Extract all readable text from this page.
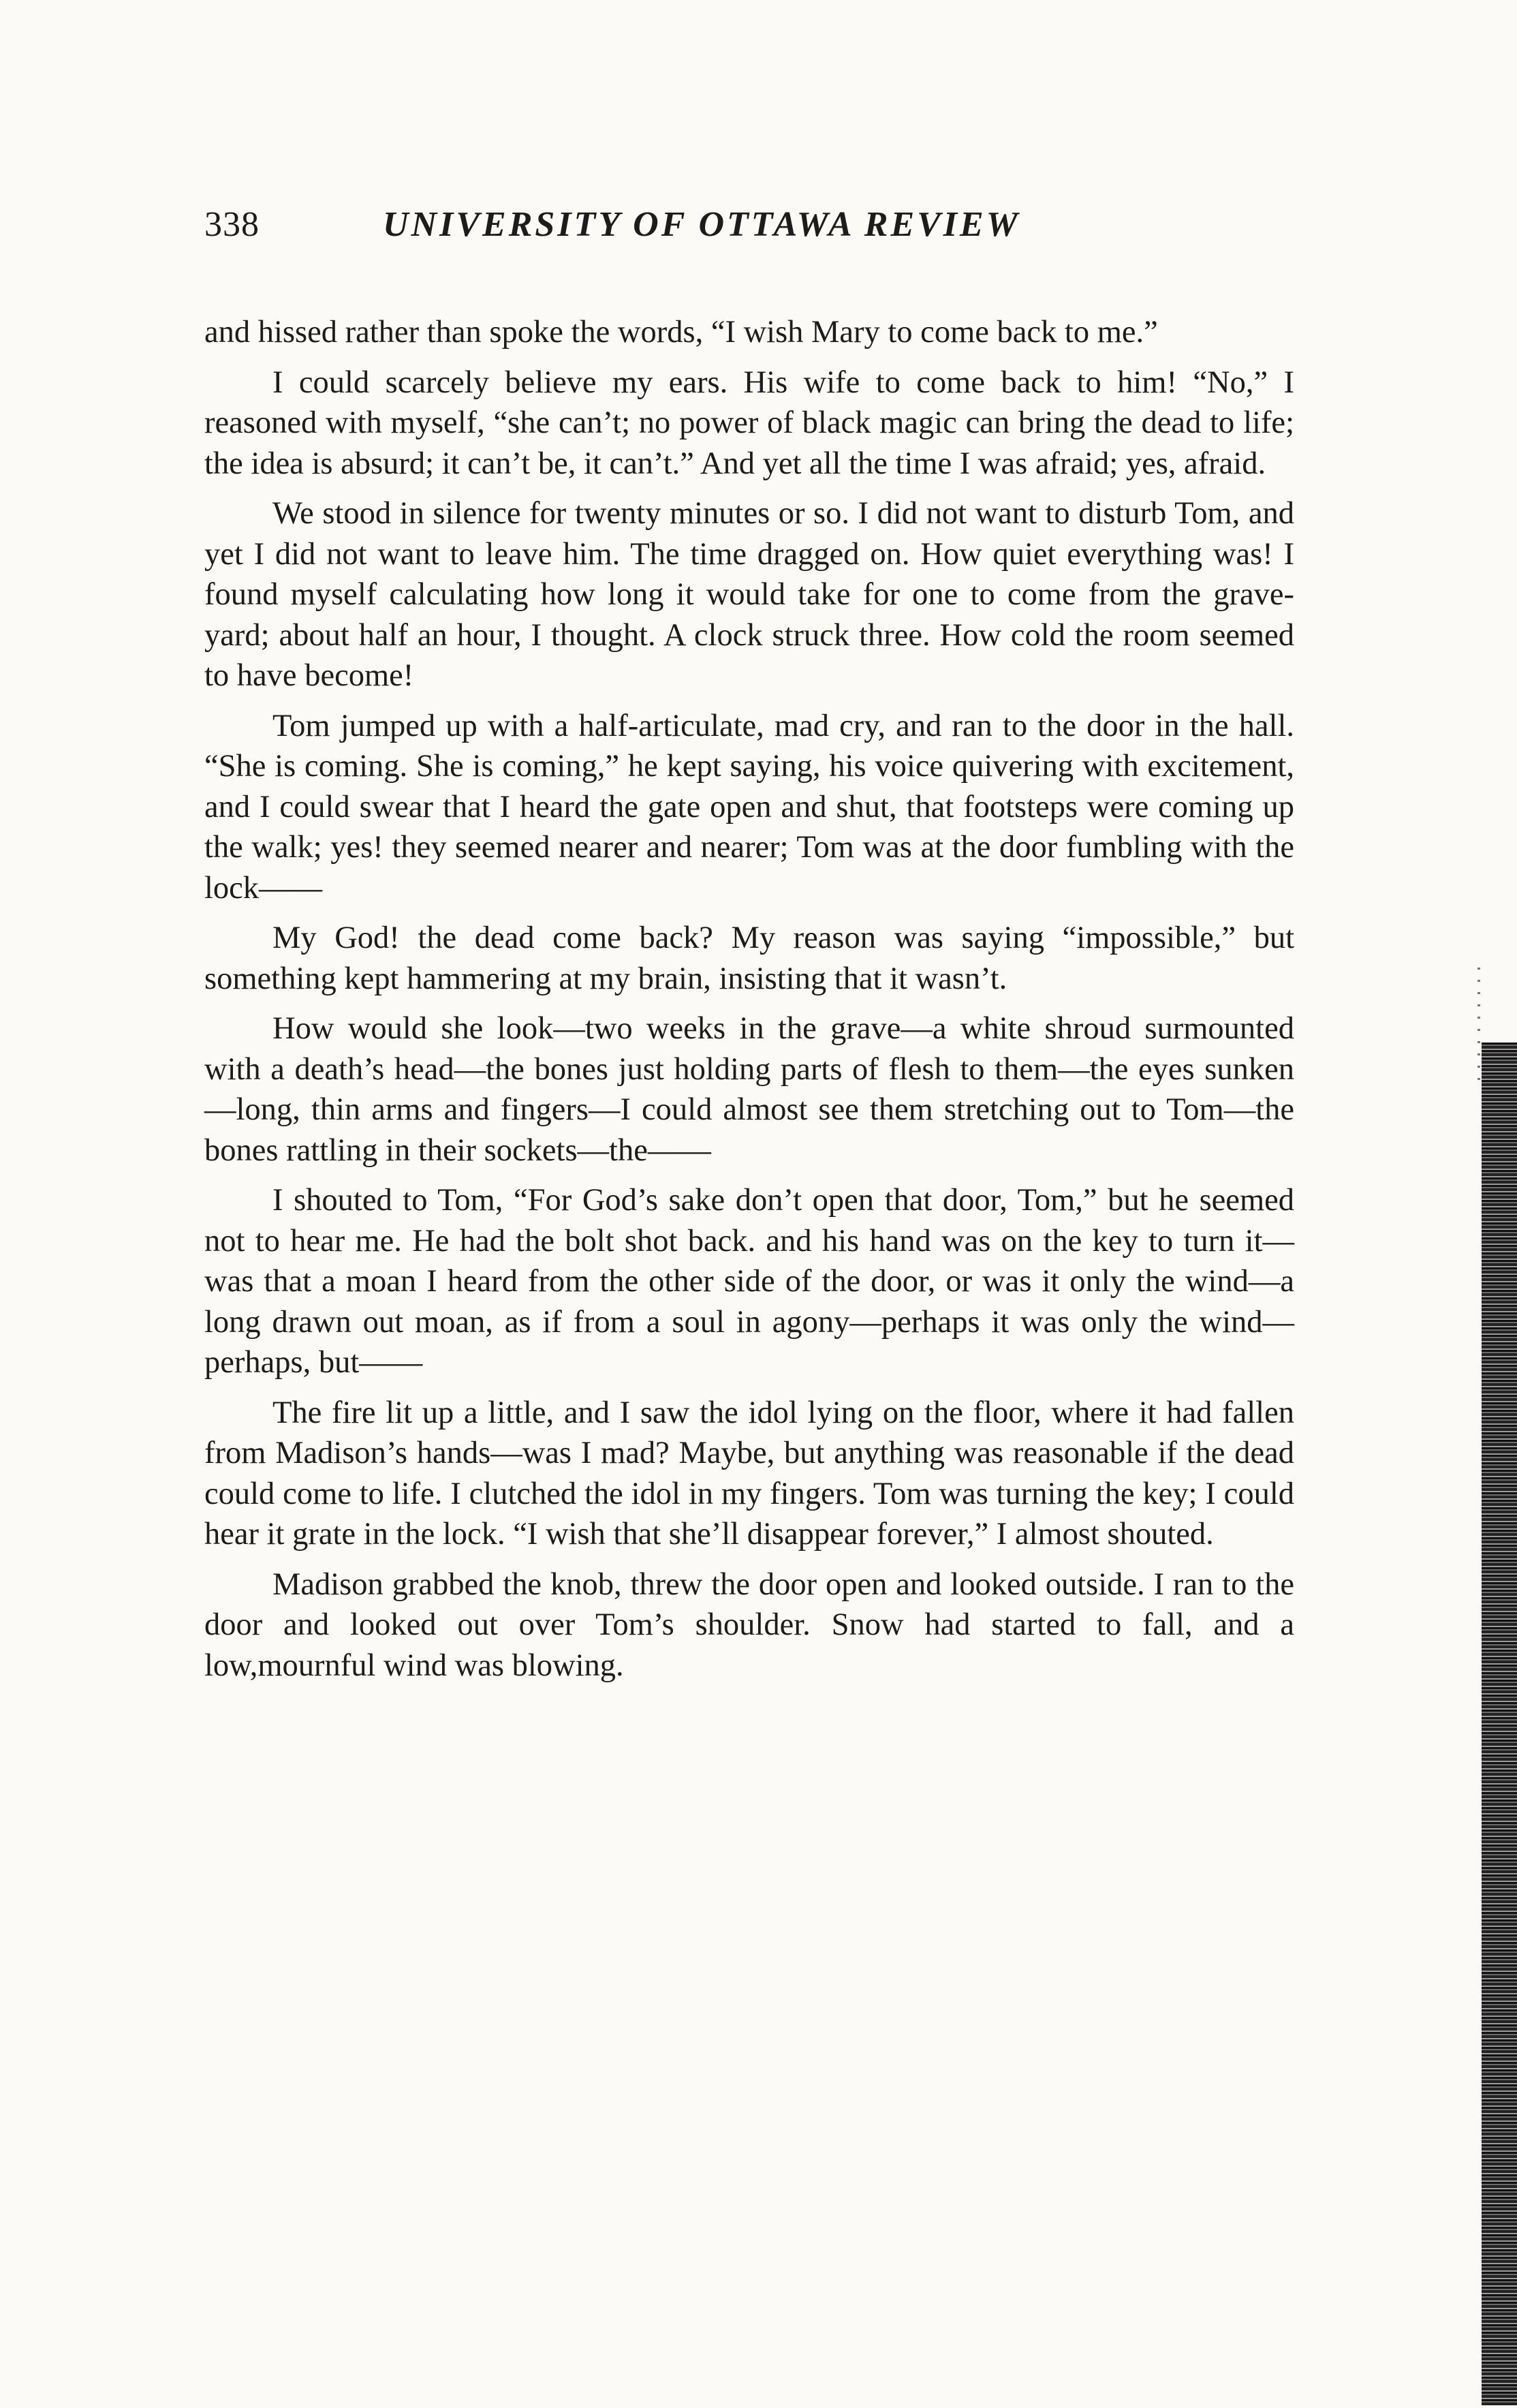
338	UNIVERSITY OF OTTAWA REVIEW

and hissed rather than spoke the words, “I wish Mary to come back to me.”

I could scarcely believe my ears. His wife to come back to him! “No,” I reasoned with myself, “she can’t; no power of black magic can bring the dead to life; the idea is absurd; it can’t be, it can’t.” And yet all the time I was afraid; yes, afraid.

We stood in silence for twenty minutes or so. I did not want to disturb Tom, and yet I did not want to leave him. The time dragged on. How quiet everything was! I found myself calculating how long it would take for one to come from the grave-yard; about half an hour, I thought. A clock struck three. How cold the room seemed to have become!

Tom jumped up with a half-articulate, mad cry, and ran to the door in the hall. “She is coming. She is coming,” he kept saying, his voice quivering with excitement, and I could swear that I heard the gate open and shut, that footsteps were coming up the walk; yes! they seemed nearer and nearer; Tom was at the door fumbling with the lock——

My God! the dead come back? My reason was saying “impossible,” but something kept hammering at my brain, insisting that it wasn’t.

How would she look—two weeks in the grave—a white shroud surmounted with a death’s head—the bones just holding parts of flesh to them—the eyes sunken—long, thin arms and fingers—I could almost see them stretching out to Tom—the bones rattling in their sockets—the——

I shouted to Tom, “For God’s sake don’t open that door, Tom,” but he seemed not to hear me. He had the bolt shot back. and his hand was on the key to turn it—was that a moan I heard from the other side of the door, or was it only the wind—a long drawn out moan, as if from a soul in agony—perhaps it was only the wind—perhaps, but——

The fire lit up a little, and I saw the idol lying on the floor, where it had fallen from Madison’s hands—was I mad? Maybe, but anything was reasonable if the dead could come to life. I clutched the idol in my fingers. Tom was turning the key; I could hear it grate in the lock. “I wish that she’ll disappear forever,” I almost shouted.

Madison grabbed the knob, threw the door open and looked outside. I ran to the door and looked out over Tom’s shoulder. Snow had started to fall, and a low,mournful wind was blowing.
